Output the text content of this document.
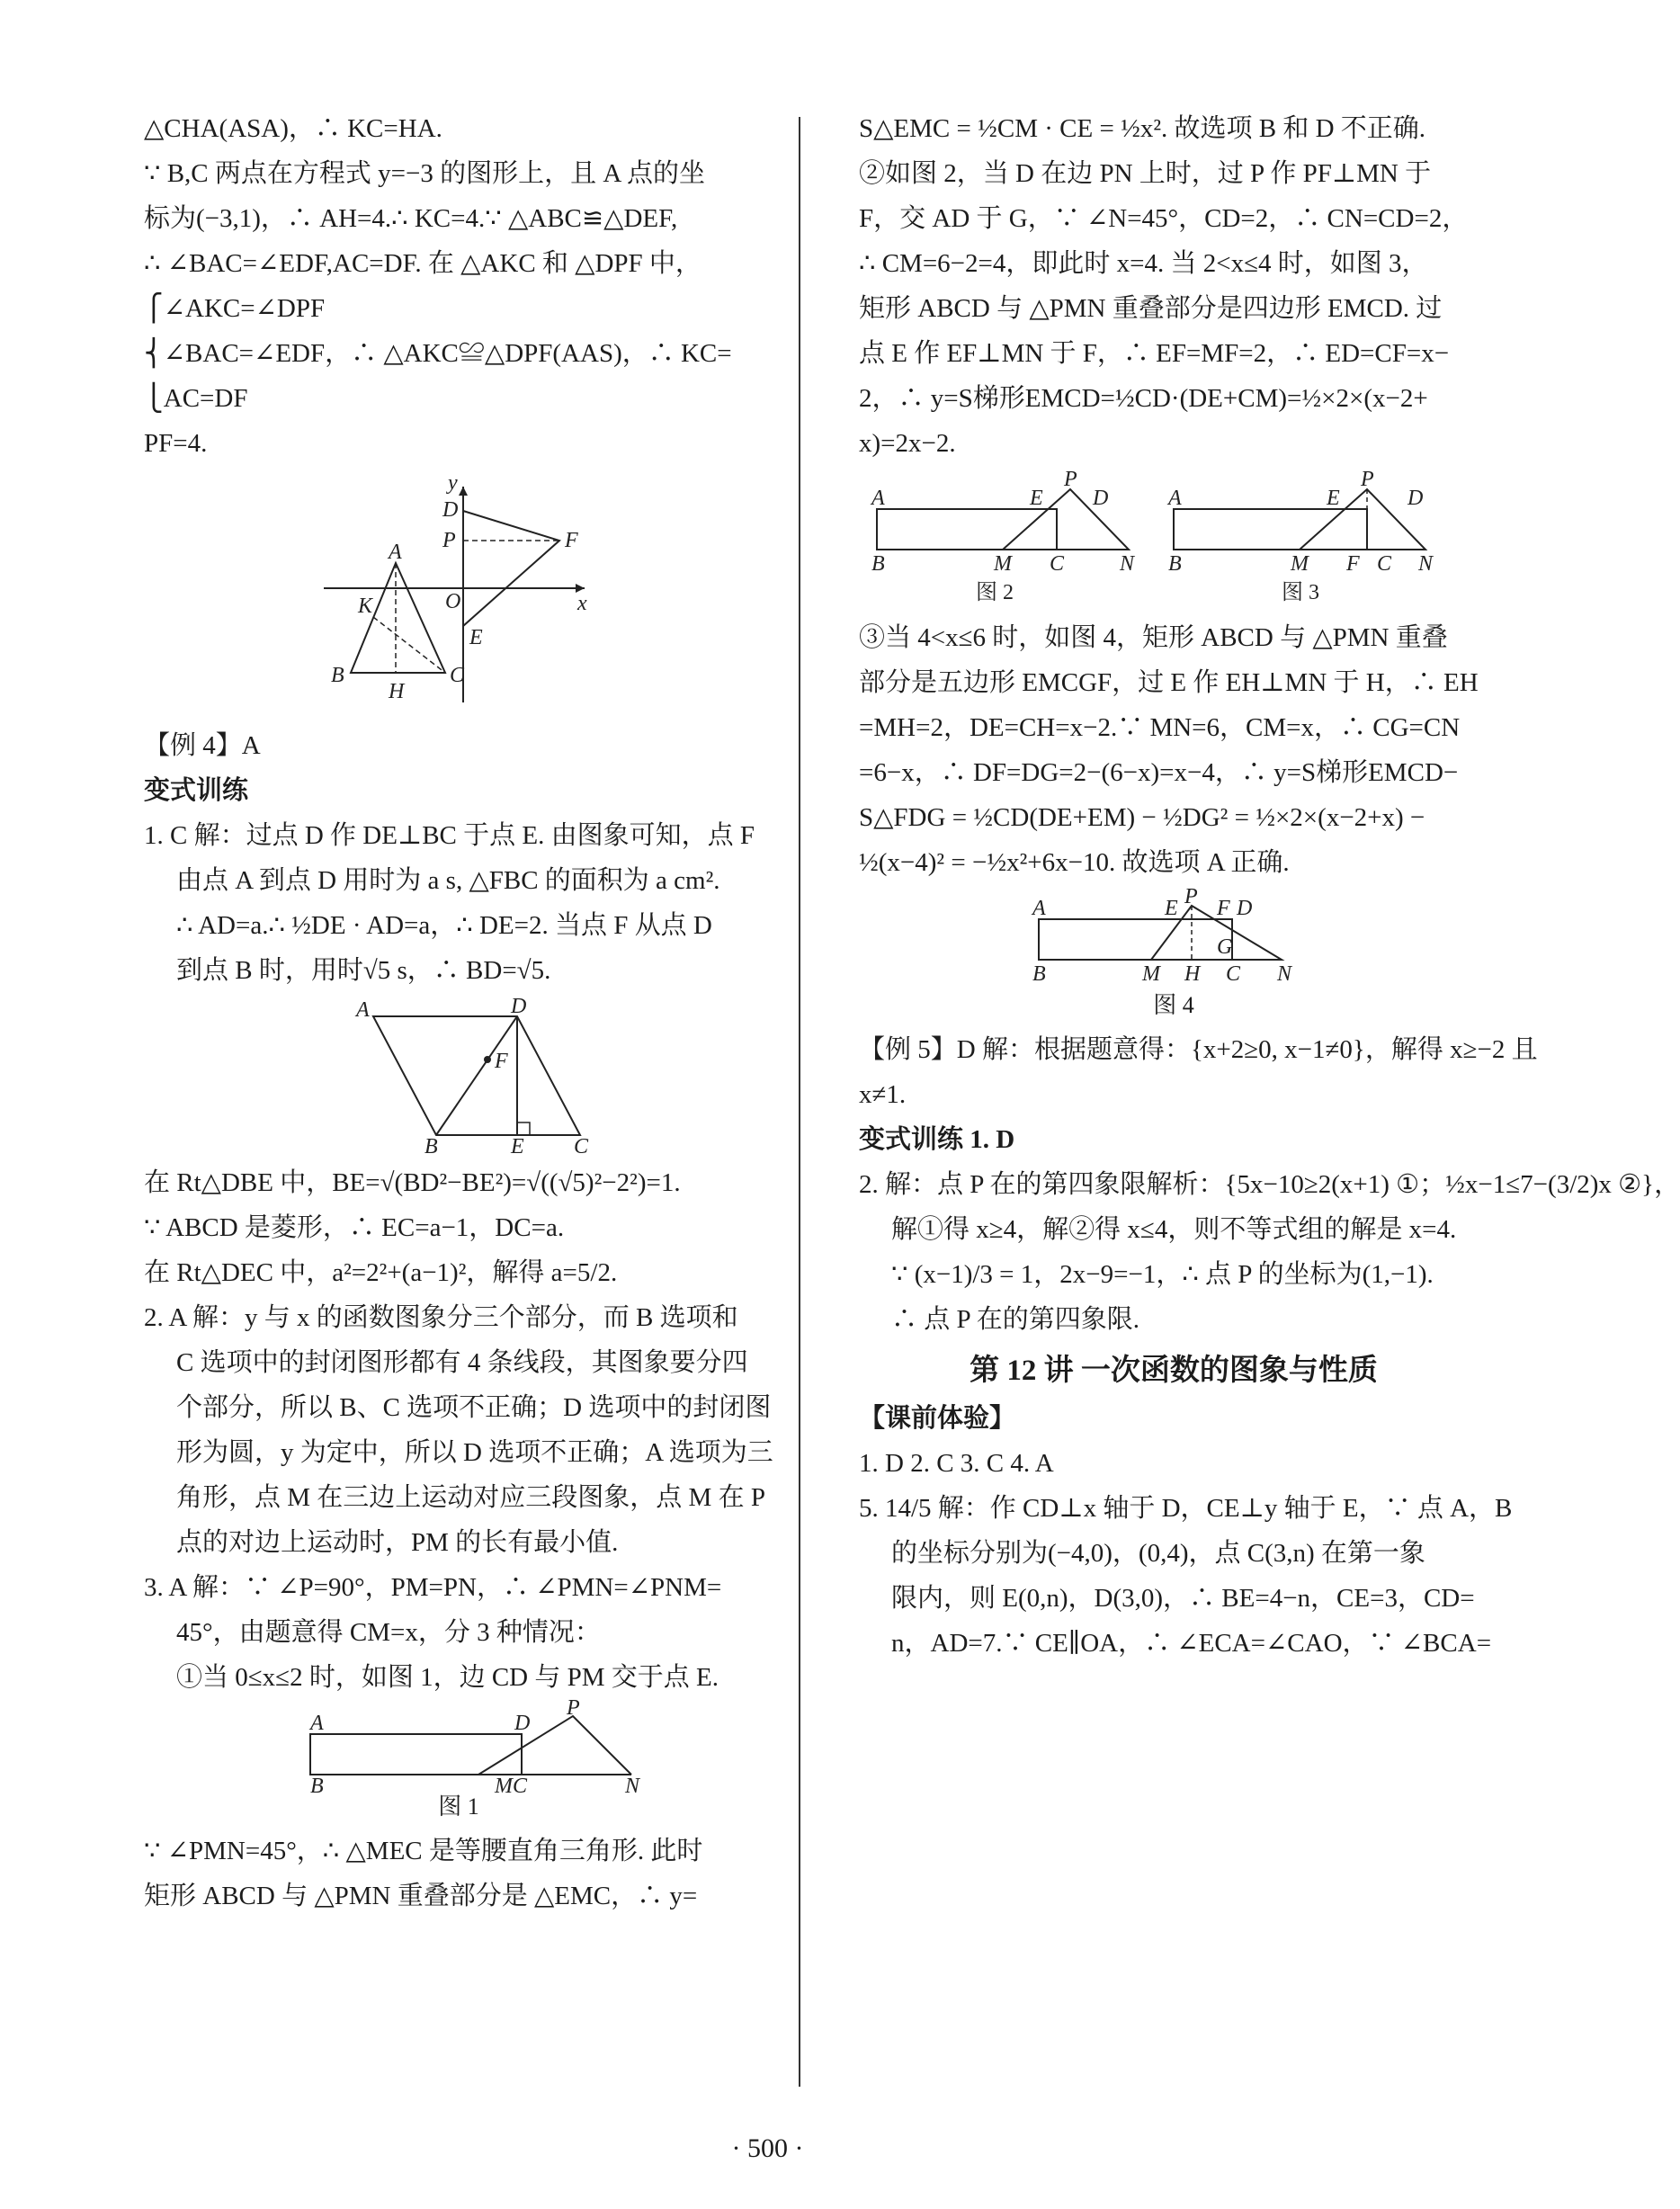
△CHA(ASA)，∴ KC=HA.
∵ B,C 两点在方程式 y=−3 的图形上，且 A 点的坐
标为(−3,1)，∴ AH=4.∴ KC=4.∵ △ABC≌△DEF,
∴ ∠BAC=∠EDF,AC=DF. 在 △AKC 和 △DPF 中，
⎧∠AKC=∠DPF
⎨∠BAC=∠EDF，∴ △AKC≌△DPF(AAS)，∴ KC=
⎩AC=DF
PF=4.
y
D
P	F
A
K	O	x
E
B
H
C
【例 4】A
变式训练
1. C 解：过点 D 作 DE⊥BC 于点 E. 由图象可知，点 F
由点 A 到点 D 用时为 a s, △FBC 的面积为 a cm².
∴ AD=a.∴ ½DE · AD=a，∴ DE=2. 当点 F 从点 D
到点 B 时，用时√5 s，∴ BD=√5.
A	D
F
B	E C
在 Rt△DBE 中，BE=√(BD²−BE²)=√((√5)²−2²)=1.
∵ ABCD 是菱形，∴ EC=a−1，DC=a.
在 Rt△DEC 中，a²=2²+(a−1)²，解得 a=5/2.
2. A 解：y 与 x 的函数图象分三个部分，而 B 选项和
C 选项中的封闭图形都有 4 条线段，其图象要分四
个部分，所以 B、C 选项不正确；D 选项中的封闭图
形为圆，y 为定中，所以 D 选项不正确；A 选项为三
角形，点 M 在三边上运动对应三段图象，点 M 在 P
点的对边上运动时，PM 的长有最小值.
3. A 解：∵ ∠P=90°，PM=PN，∴ ∠PMN=∠PNM=
45°，由题意得 CM=x，分 3 种情况：
①当 0≤x≤2 时，如图 1，边 CD 与 PM 交于点 E.
A	D
P
B	MC	N
图 1
∵ ∠PMN=45°，∴ △MEC 是等腰直角三角形. 此时
矩形 ABCD 与 △PMN 重叠部分是 △EMC，∴ y=
S△EMC = ½CM · CE = ½x². 故选项 B 和 D 不正确.
②如图 2，当 D 在边 PN 上时，过 P 作 PF⊥MN 于
F，交 AD 于 G，∵ ∠N=45°，CD=2，∴ CN=CD=2，
∴ CM=6−2=4，即此时 x=4. 当 2<x≤4 时，如图 3，
矩形 ABCD 与 △PMN 重叠部分是四边形 EMCD. 过
点 E 作 EF⊥MN 于 F，∴ EF=MF=2，∴ ED=CF=x−
2，∴ y=S梯形EMCD=½CD·(DE+CM)=½×2×(x−2+
x)=2x−2.
A	E
P
D
B	M C	N
图 2
A	E
P
D
B	M F C N
图 3
③当 4<x≤6 时，如图 4，矩形 ABCD 与 △PMN 重叠
部分是五边形 EMCGF，过 E 作 EH⊥MN 于 H，∴ EH
=MH=2，DE=CH=x−2.∵ MN=6，CM=x，∴ CG=CN
=6−x，∴ DF=DG=2−(6−x)=x−4，∴ y=S梯形EMCD−
S△FDG = ½CD(DE+EM) − ½DG² = ½×2×(x−2+x) −
½(x−4)² = −½x²+6x−10. 故选项 A 正确.
A	P F D
E
G
B	M H C N
图 4
【例 5】D 解：根据题意得：{x+2≥0, x−1≠0}，解得 x≥−2 且
x≠1.
变式训练 1. D
2. 解：点 P 在的第四象限解析：{5x−10≥2(x+1) ①；½x−1≤7−(3/2)x ②}，
解①得 x≥4，解②得 x≤4，则不等式组的解是 x=4.
∵ (x−1)/3 = 1，2x−9=−1，∴ 点 P 的坐标为(1,−1).
∴ 点 P 在的第四象限.
第 12 讲 一次函数的图象与性质
【课前体验】
1. D 2. C 3. C 4. A
5. 14/5 解：作 CD⊥x 轴于 D，CE⊥y 轴于 E，∵ 点 A，B
的坐标分别为(−4,0)，(0,4)，点 C(3,n) 在第一象
限内，则 E(0,n)，D(3,0)，∴ BE=4−n，CE=3，CD=
n，AD=7.∵ CE∥OA，∴ ∠ECA=∠CAO，∵ ∠BCA=
· 500 ·
